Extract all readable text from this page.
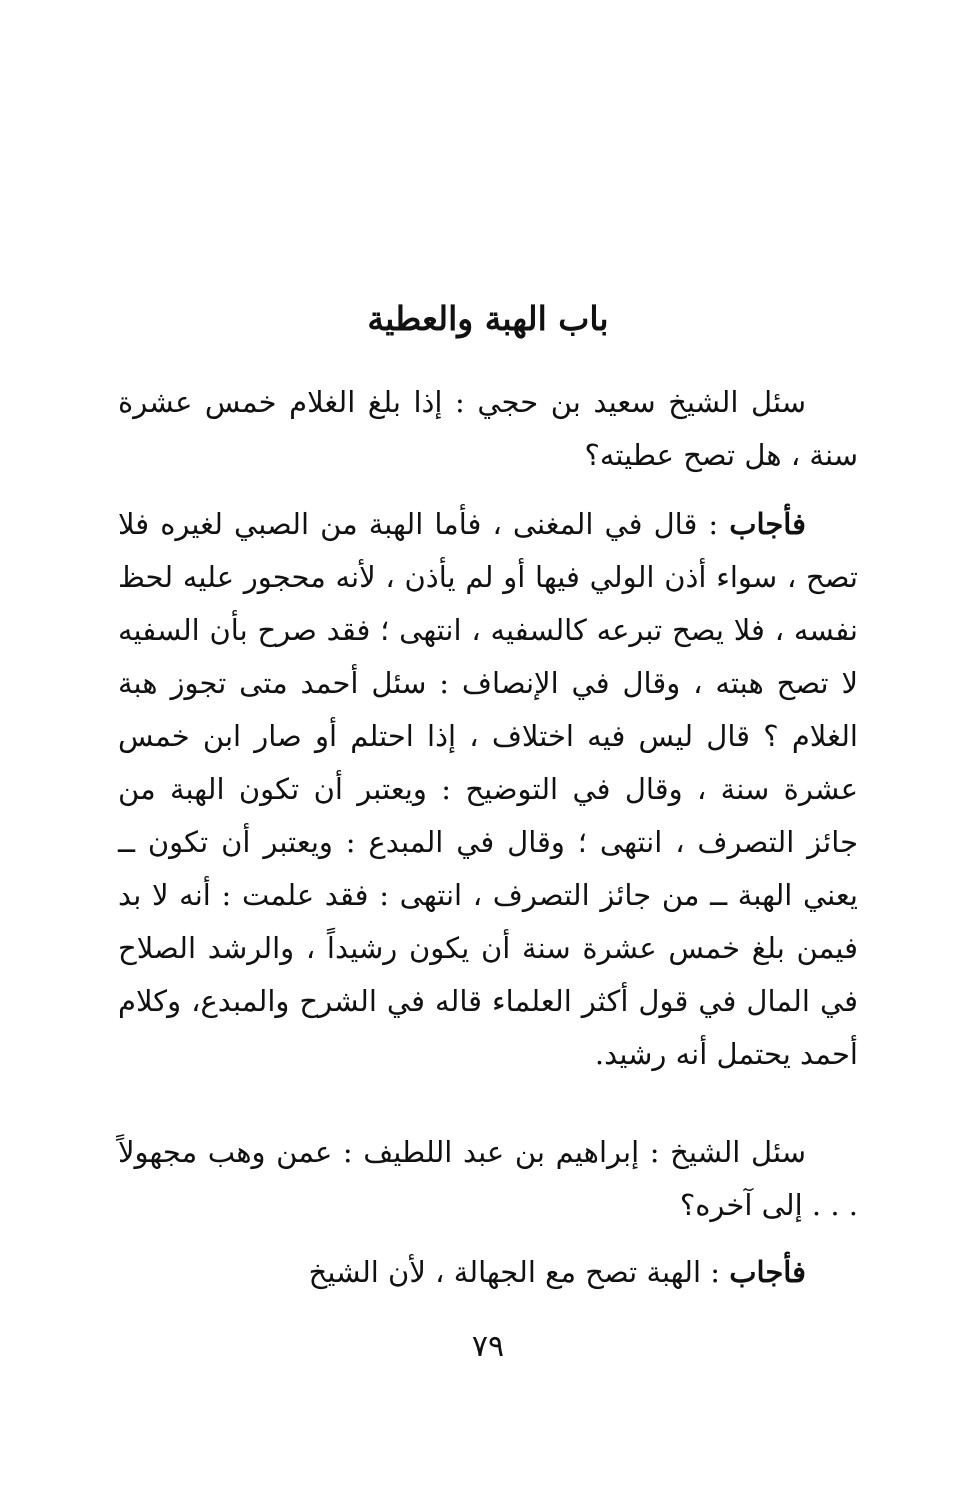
باب الهبة والعطية

سئل الشيخ سعيد بن حجي : إذا بلغ الغلام خمس عشرة سنة ، هل تصح عطيته؟

فأجاب : قال في المغنى ، فأما الهبة من الصبي لغيره فلا تصح ، سواء أذن الولي فيها أو لم يأذن ، لأنه محجور عليه لحظ نفسه ، فلا يصح تبرعه كالسفيه ، انتهى ؛ فقد صرح بأن السفيه لا تصح هبته ، وقال في الإنصاف : سئل أحمد متى تجوز هبة الغلام ؟ قال ليس فيه اختلاف ، إذا احتلم أو صار ابن خمس عشرة سنة ، وقال في التوضيح : ويعتبر أن تكون الهبة من جائز التصرف ، انتهى ؛ وقال في المبدع : ويعتبر أن تكون ــ يعني الهبة ــ من جائز التصرف ، انتهى : فقد علمت : أنه لا بد فيمن بلغ خمس عشرة سنة أن يكون رشيداً ، والرشد الصلاح في المال في قول أكثر العلماء قاله في الشرح والمبدع، وكلام أحمد يحتمل أنه رشيد.

سئل الشيخ : إبراهيم بن عبد اللطيف : عمن وهب مجهولاً . . . إلى آخره؟

فأجاب : الهبة تصح مع الجهالة ، لأن الشيخ

٧٩
